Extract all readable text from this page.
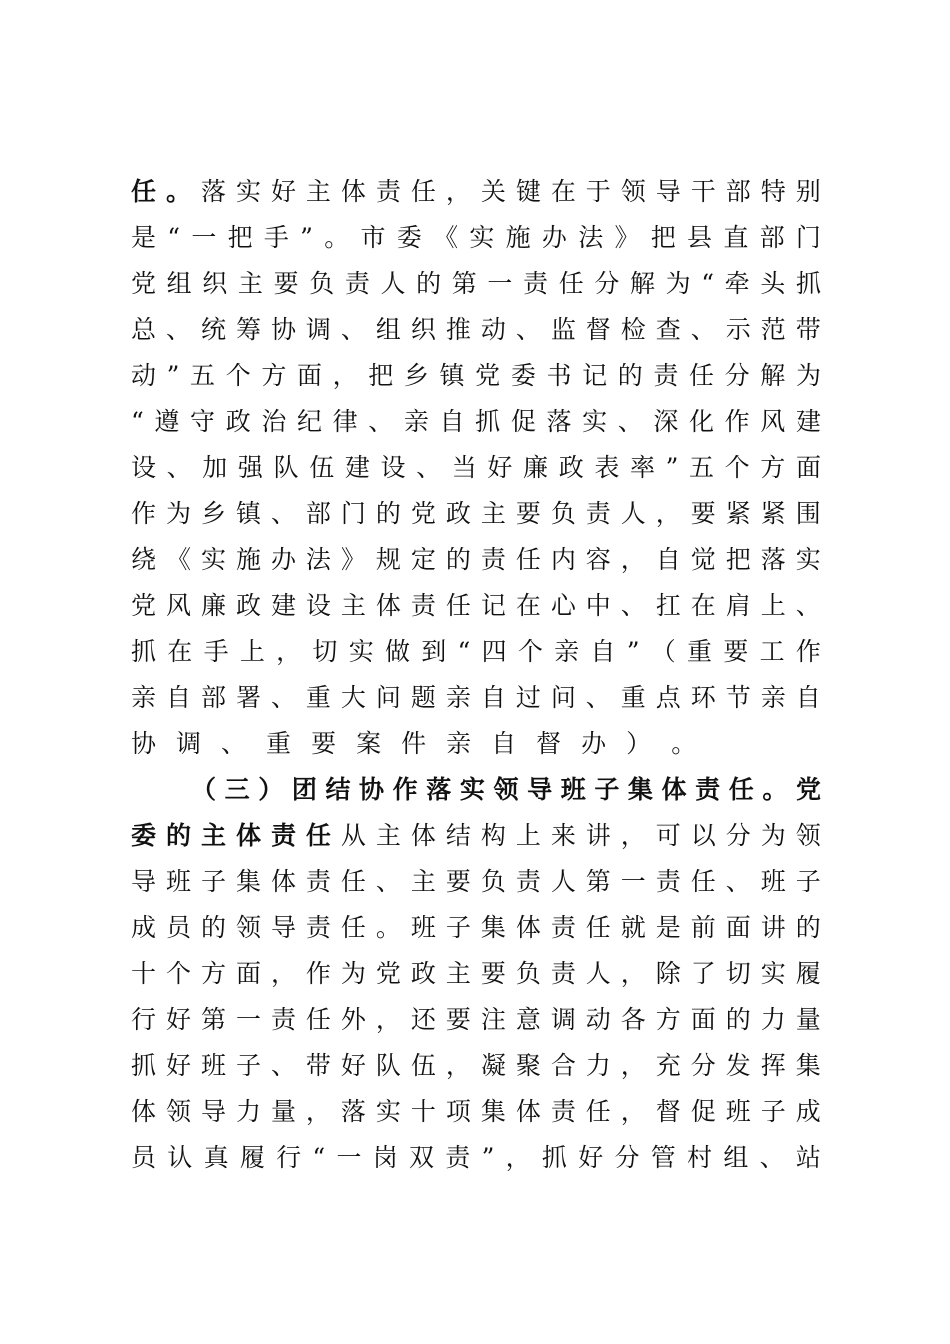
任 。 落 实 好 主 体 责 任 ， 关 键 在 于 领 导 干 部 特 别
是 “ 一 把 手 ” 。 市 委 《 实 施 办 法 》 把 县 直 部 门
党 组 织 主 要 负 责 人 的 第 一 责 任 分 解 为 “ 牵 头 抓
总 、 统 筹 协 调 、 组 织 推 动 、 监 督 检 查 、 示 范 带
动 ” 五 个 方 面 ， 把 乡 镇 党 委 书 记 的 责 任 分 解 为
“ 遵 守 政 治 纪 律 、 亲 自 抓 促 落 实 、 深 化 作 风 建
设 、 加 强 队 伍 建 设 、 当 好 廉 政 表 率 ” 五 个 方 面
作 为 乡 镇 、 部 门 的 党 政 主 要 负 责 人 ， 要 紧 紧 围
绕 《 实 施 办 法 》 规 定 的 责 任 内 容 ， 自 觉 把 落 实
党 风 廉 政 建 设 主 体 责 任 记 在 心 中 、 扛 在 肩 上 、
抓 在 手 上 ， 切 实 做 到 “ 四 个 亲 自 ” （ 重 要 工 作
亲 自 部 署 、 重 大 问 题 亲 自 过 问 、 重 点 环 节 亲 自
协 调 、 重 要 案 件 亲 自 督 办 ） 。
（ 三 ） 团 结 协 作 落 实 领 导 班 子 集 体 责 任 。 党
委 的 主 体 责 任 从 主 体 结 构 上 来 讲 ， 可 以 分 为 领
导 班 子 集 体 责 任 、 主 要 负 责 人 第 一 责 任 、 班 子
成 员 的 领 导 责 任 。 班 子 集 体 责 任 就 是 前 面 讲 的
十 个 方 面 ， 作 为 党 政 主 要 负 责 人 ， 除 了 切 实 履
行 好 第 一 责 任 外 ， 还 要 注 意 调 动 各 方 面 的 力 量
抓 好 班 子 、 带 好 队 伍 ， 凝 聚 合 力 ， 充 分 发 挥 集
体 领 导 力 量 ， 落 实 十 项 集 体 责 任 ， 督 促 班 子 成
员 认 真 履 行 “ 一 岗 双 责 ” ， 抓 好 分 管 村 组 、 站
